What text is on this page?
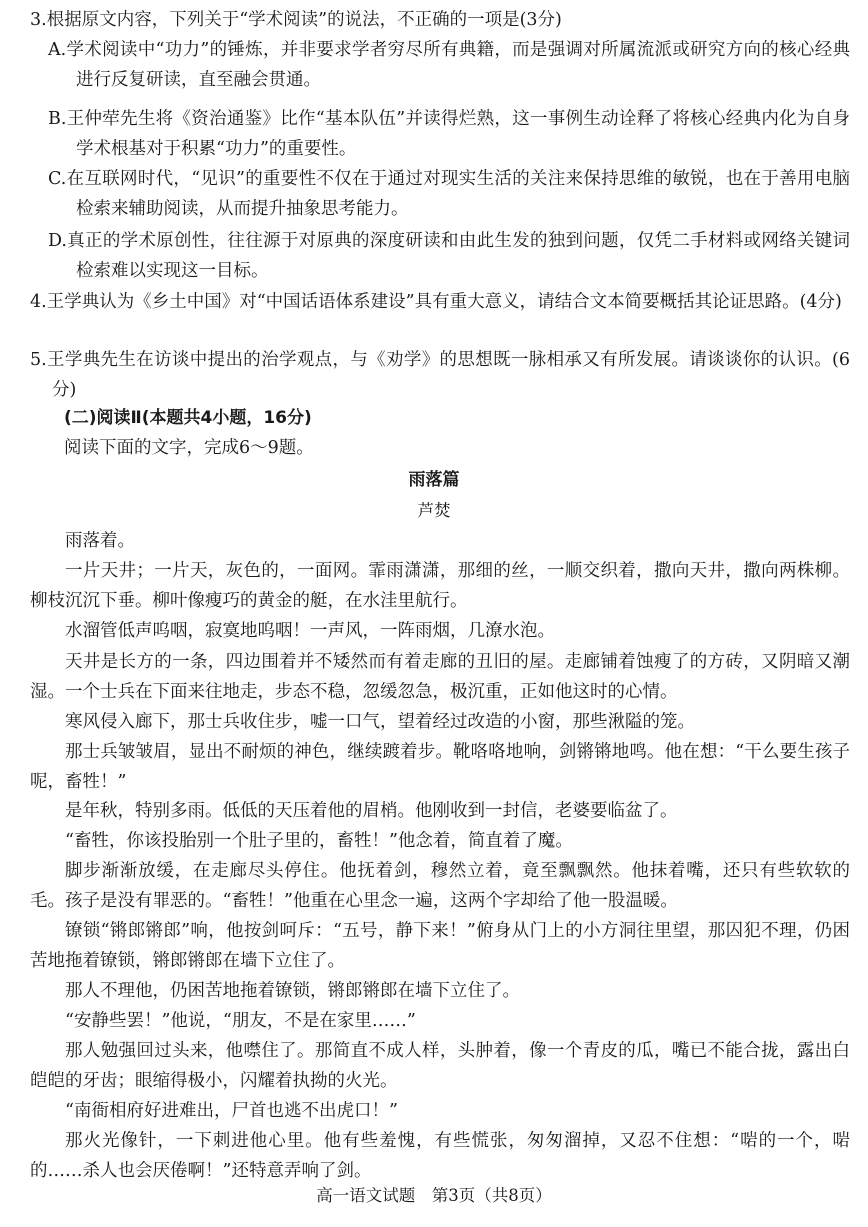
3.根据原文内容，下列关于“学术阅读”的说法，不正确的一项是(3分)

A.学术阅读中“功力”的锤炼，并非要求学者穷尽所有典籍，而是强调对所属流派或研究方向的核心经典进行反复研读，直至融会贯通。

B.王仲荦先生将《资治通鉴》比作“基本队伍”并读得烂熟，这一事例生动诠释了将核心经典内化为自身学术根基对于积累“功力”的重要性。

C.在互联网时代，“见识”的重要性不仅在于通过对现实生活的关注来保持思维的敏锐，也在于善用电脑检索来辅助阅读，从而提升抽象思考能力。

D.真正的学术原创性，往往源于对原典的深度研读和由此生发的独到问题，仅凭二手材料或网络关键词检索难以实现这一目标。

4.王学典认为《乡土中国》对“中国话语体系建设”具有重大意义，请结合文本简要概括其论证思路。(4分)

5.王学典先生在访谈中提出的治学观点，与《劝学》的思想既一脉相承又有所发展。请谈谈你的认识。(6分)

(二)阅读Ⅱ(本题共4小题，16分)

阅读下面的文字，完成6～9题。

雨落篇

芦焚

雨落着。

一片天井；一片天，灰色的，一面网。霏雨潇潇，那细的丝，一顺交织着，撒向天井，撒向两株柳。柳枝沉沉下垂。柳叶像瘦巧的黄金的艇，在水洼里航行。

水溜管低声呜咽，寂寞地呜咽！一声风，一阵雨烟，几潦水泡。

天井是长方的一条，四边围着并不矮然而有着走廊的丑旧的屋。走廊铺着蚀瘦了的方砖，又阴暗又潮湿。一个士兵在下面来往地走，步态不稳，忽缓忽急，极沉重，正如他这时的心情。

寒风侵入廊下，那士兵收住步，嘘一口气，望着经过改造的小窗，那些湫隘的笼。

那士兵皱皱眉，显出不耐烦的神色，继续踱着步。靴咯咯地响，剑锵锵地鸣。他在想：“干么要生孩子呢，畜牲！”

是年秋，特别多雨。低低的天压着他的眉梢。他刚收到一封信，老婆要临盆了。

“畜牲，你该投胎别一个肚子里的，畜牲！”他念着，简直着了魔。

脚步渐渐放缓，在走廊尽头停住。他抚着剑，穆然立着，竟至飘飘然。他抹着嘴，还只有些软软的毛。孩子是没有罪恶的。“畜牲！”他重在心里念一遍，这两个字却给了他一股温暖。

镣锁“锵郎锵郎”响，他按剑呵斥：“五号，静下来！”俯身从门上的小方洞往里望，那囚犯不理，仍困苦地拖着镣锁，锵郎锵郎在墙下立住了。

那人不理他，仍困苦地拖着镣锁，锵郎锵郎在墙下立住了。

“安静些罢！”他说，“朋友，不是在家里……”

那人勉强回过头来，他噤住了。那简直不成人样，头肿着，像一个青皮的瓜，嘴已不能合拢，露出白皑皑的牙齿；眼缩得极小，闪耀着执拗的火光。

“南衙相府好进难出，尸首也逃不出虎口！”

那火光像针，一下刺进他心里。他有些羞愧，有些慌张，匆匆溜掉，又忍不住想：“啱的一个，啱的……杀人也会厌倦啊！”还特意弄响了剑。

高一语文试题　第3页（共8页）
